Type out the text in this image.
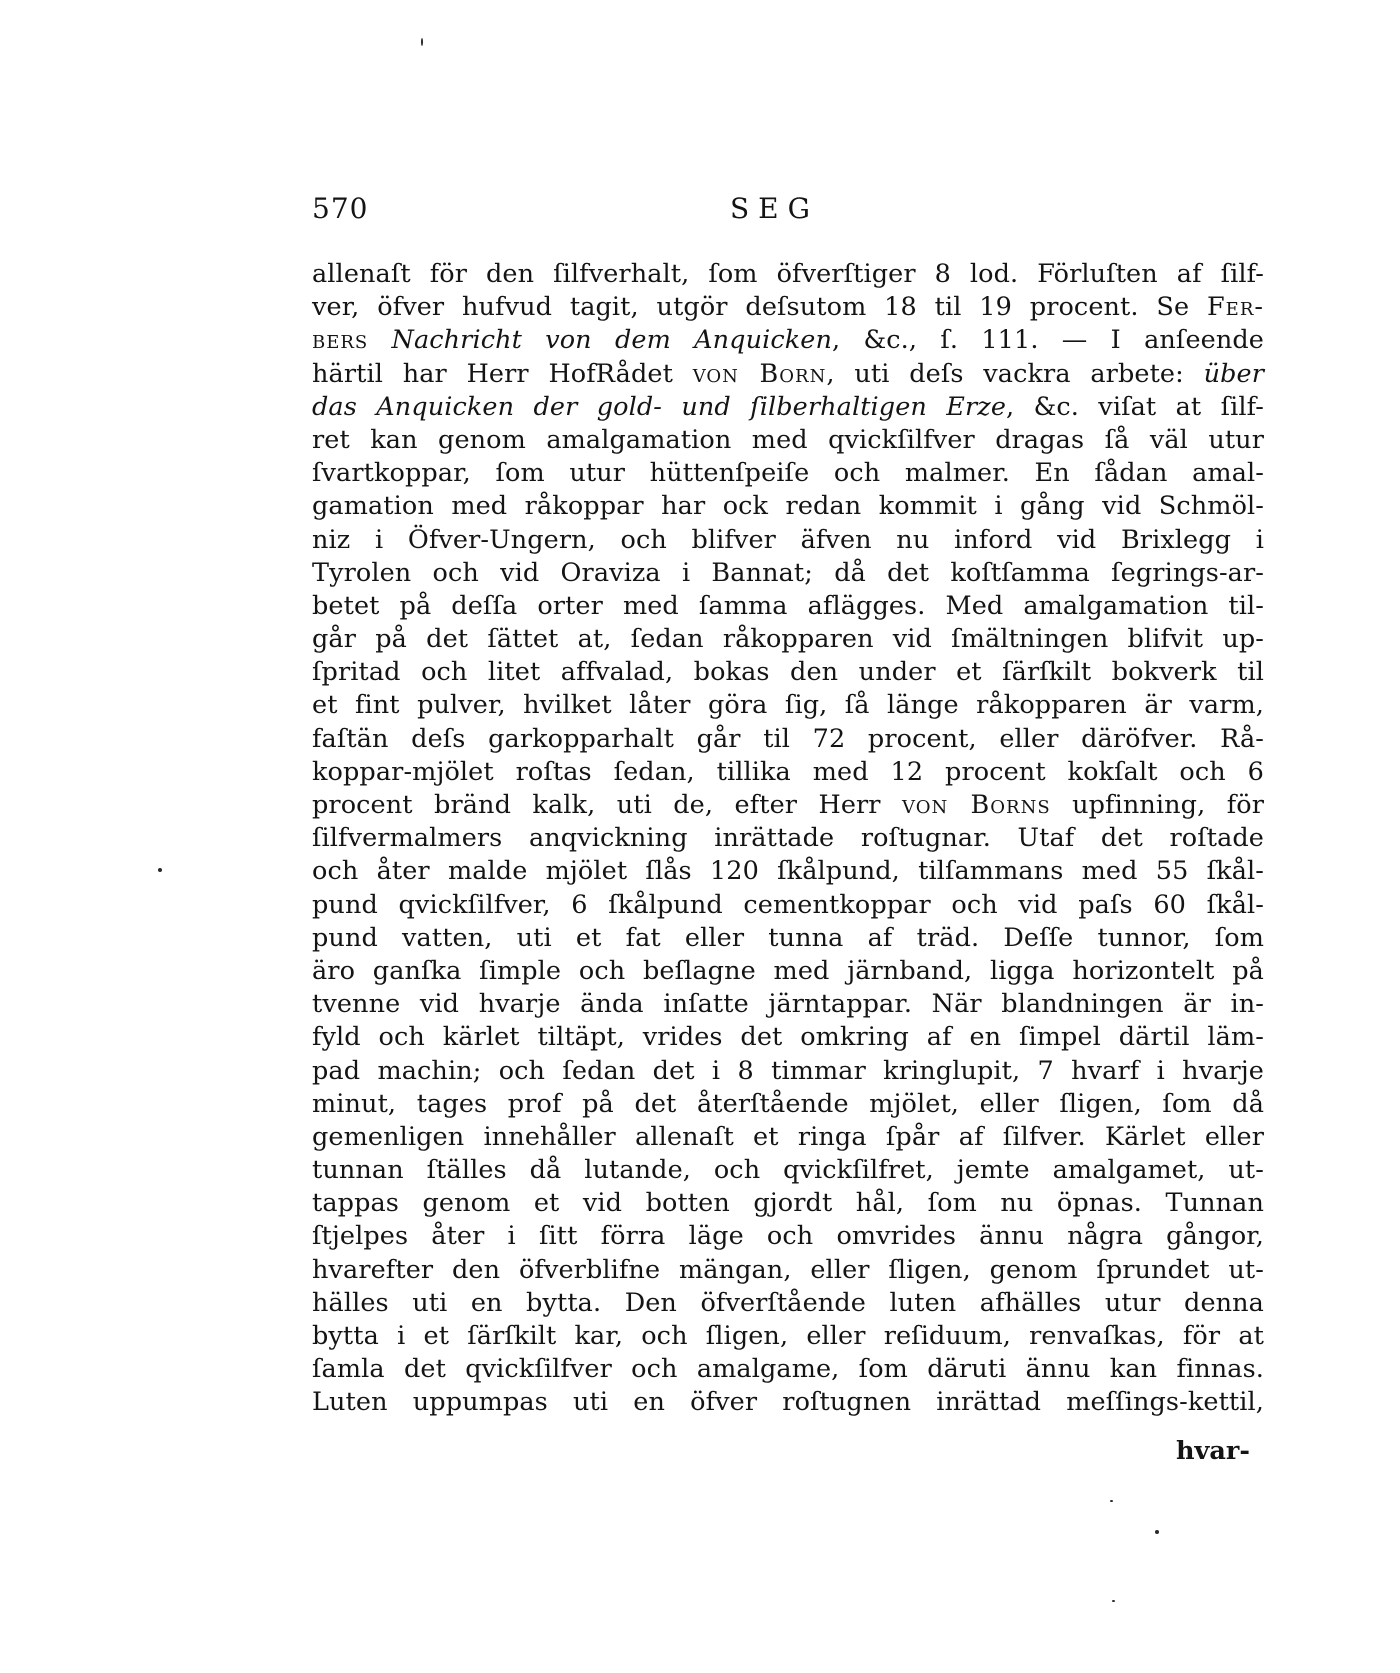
570	SEG
allenaſt för den ſilfverhalt, ſom öfverſtiger 8 lod. Förluſten af ſilf-
ver, öfver hufvud tagit, utgör deſsutom 18 til 19 procent. Se Fer-
bers Nachricht von dem Anquicken, &c., ſ. 111. — I anſeende
härtil har Herr HofRådet von Born, uti deſs vackra arbete: über
das Anquicken der gold- und ſilberhaltigen Erze, &c. viſat at ſilf-
ret kan genom amalgamation med qvickſilfver dragas ſå väl utur
ſvartkoppar, ſom utur hüttenſpeiſe och malmer. En ſådan amal-
gamation med råkoppar har ock redan kommit i gång vid Schmöl-
niz i Öfver-Ungern, och blifver äfven nu inford vid Brixlegg i
Tyrolen och vid Oraviza i Bannat; då det koſtſamma ſegrings-ar-
betet på deſſa orter med ſamma aflägges. Med amalgamation til-
går på det ſättet at, ſedan råkopparen vid ſmältningen blifvit up-
ſpritad och litet affvalad, bokas den under et ſärſkilt bokverk til
et fint pulver, hvilket låter göra ſig, ſå länge råkopparen är varm,
faſtän deſs garkopparhalt går til 72 procent, eller däröfver. Rå-
koppar-mjölet roſtas ſedan, tillika med 12 procent kokſalt och 6
procent bränd kalk, uti de, efter Herr von Borns upfinning, för
ſilfvermalmers anqvickning inrättade roſtugnar. Utaf det roſtade
och åter malde mjölet ſlås 120 ſkålpund, tilſammans med 55 ſkål-
pund qvickſilfver, 6 ſkålpund cementkoppar och vid paſs 60 ſkål-
pund vatten, uti et fat eller tunna af träd. Deſſe tunnor, ſom
äro ganſka ſimple och beſlagne med järnband, ligga horizontelt på
tvenne vid hvarje ända inſatte järntappar. När blandningen är in-
fyld och kärlet tiltäpt, vrides det omkring af en ſimpel därtil läm-
pad machin; och ſedan det i 8 timmar kringlupit, 7 hvarf i hvarje
minut, tages prof på det återſtående mjölet, eller ſligen, ſom då
gemenligen innehåller allenaſt et ringa ſpår af ſilfver. Kärlet eller
tunnan ſtälles då lutande, och qvickſilfret, jemte amalgamet, ut-
tappas genom et vid botten gjordt hål, ſom nu öpnas. Tunnan
ſtjelpes åter i ſitt förra läge och omvrides ännu några gångor,
hvarefter den öfverblifne mängan, eller ſligen, genom ſprundet ut-
hälles uti en bytta. Den öfverſtående luten afhälles utur denna
bytta i et ſärſkilt kar, och ſligen, eller reſiduum, renvaſkas, för at
ſamla det qvickſilfver och amalgame, ſom däruti ännu kan finnas.
Luten uppumpas uti en öfver roſtugnen inrättad meſſings-kettil,
hvar-
